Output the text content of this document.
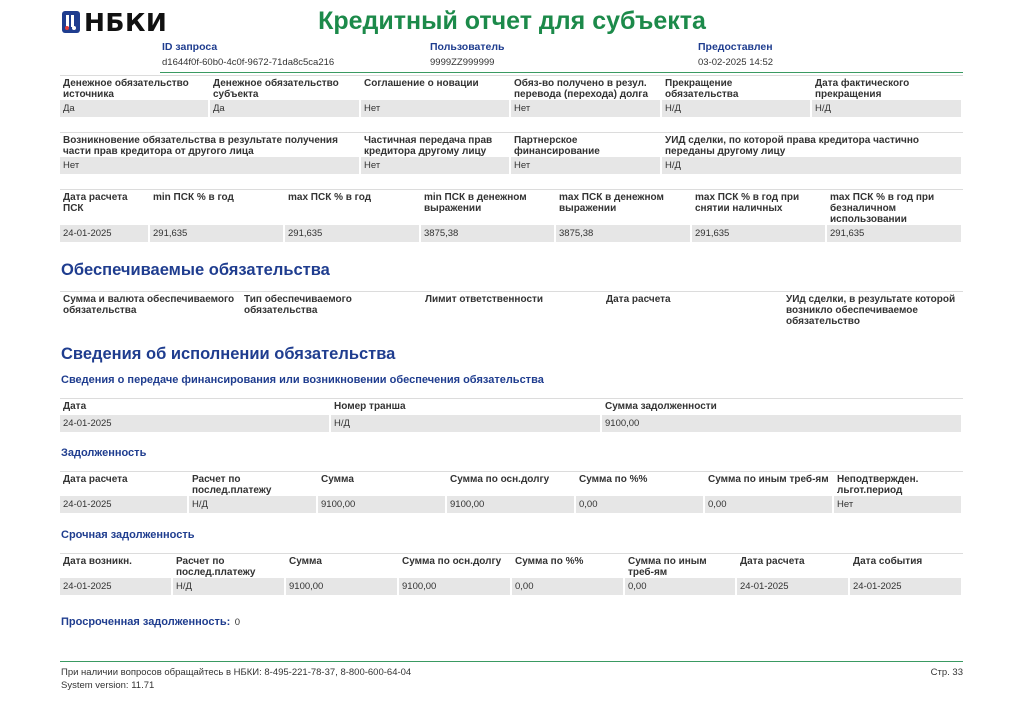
НБКИ	Кредитный отчет для субъекта
ID запроса
d1644f0f-60b0-4c0f-9672-71da8c5ca216
Пользователь
9999ZZ999999
Предоставлен
03-02-2025 14:52
Денежное обязательство источника	Денежное обязательство субъекта	Соглашение о новации	Обяз-во получено в резул. перевода (перехода) долга	Прекращение обязательства	Дата фактического прекращения
Да	Да	Нет	Нет	Н/Д	Н/Д
Возникновение обязательства в результате получения части прав кредитора от другого лица	Частичная передача прав кредитора другому лицу	Партнерское финансирование	УИД сделки, по которой права кредитора частично переданы другому лицу
Нет	Нет	Нет	Н/Д
Дата расчета ПСК	min ПСК % в год	max ПСК % в год	min ПСК в денежном выражении	max ПСК в денежном выражении	max ПСК % в год при снятии наличных	max ПСК % в год при безналичном использовании
24-01-2025	291,635	291,635	3875,38	3875,38	291,635	291,635
Обеспечиваемые обязательства
Сумма и валюта обеспечиваемого обязательства	Тип обеспечиваемого обязательства	Лимит ответственности	Дата расчета	УИд сделки, в результате которой возникло обеспечиваемое обязательство
Сведения об исполнении обязательства
Сведения о передаче финансирования или возникновении обеспечения обязательства
Дата	Номер транша	Сумма задолженности
24-01-2025	Н/Д	9100,00
Задолженность
Дата расчета	Расчет по послед.платежу	Сумма	Сумма по осн.долгу	Сумма по %%	Сумма по иным треб-ям	Неподтвержден. льгот.период
24-01-2025	Н/Д	9100,00	9100,00	0,00	0,00	Нет
Срочная задолженность
Дата возникн.	Расчет по послед.платежу	Сумма	Сумма по осн.долгу	Сумма по %%	Сумма по иным треб-ям	Дата расчета	Дата события
24-01-2025	Н/Д	9100,00	9100,00	0,00	0,00	24-01-2025	24-01-2025
Просроченная задолженность: 0
При наличии вопросов обращайтесь в НБКИ: 8-495-221-78-37, 8-800-600-64-04
System version: 11.71
Стр. 33
